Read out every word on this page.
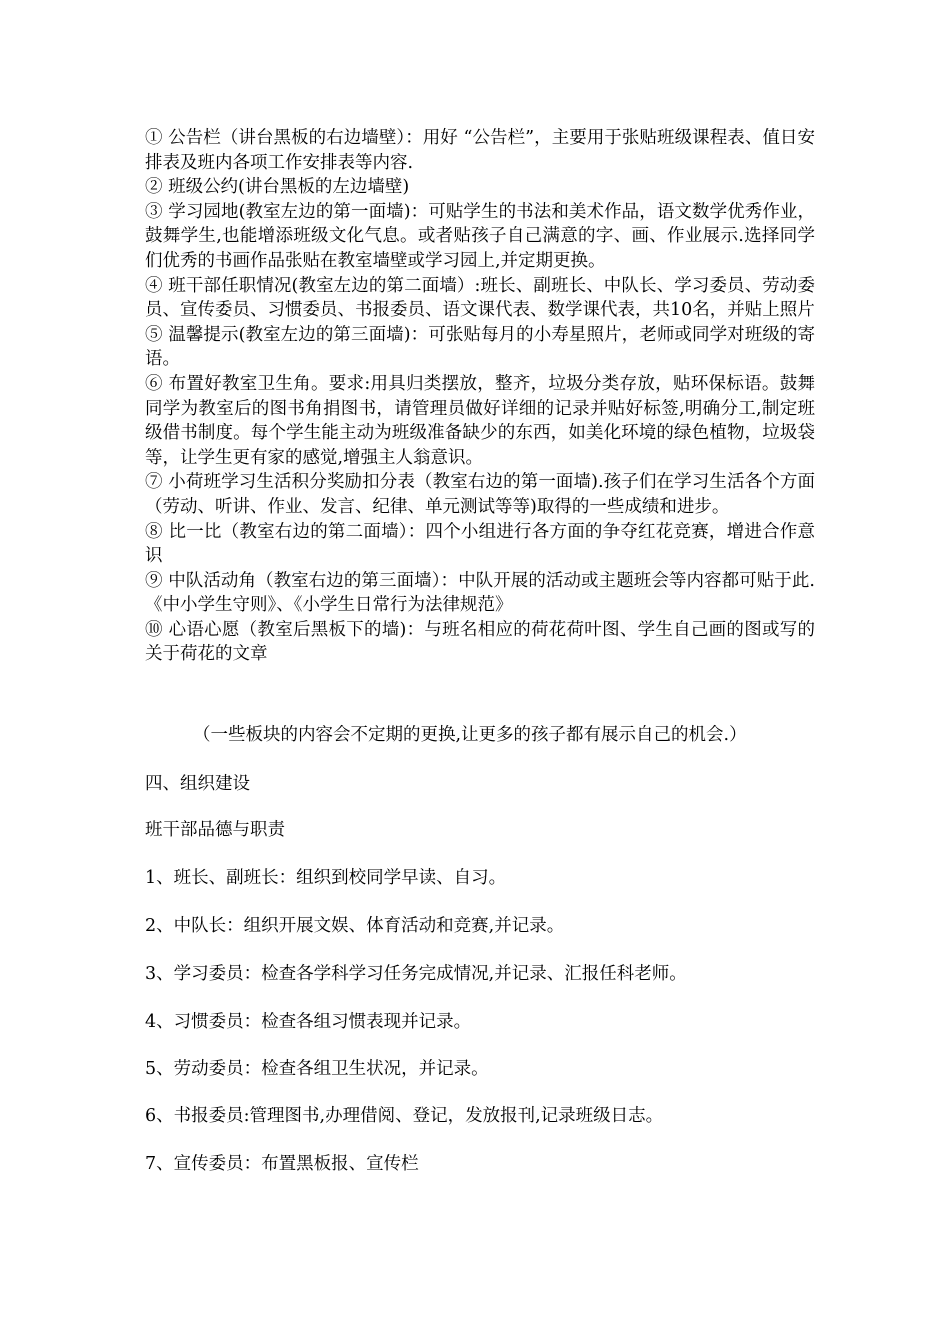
① 公告栏（讲台黑板的右边墙壁）：用好 “公告栏”，主要用于张贴班级课程表、值日安排表及班内各项工作安排表等内容.

② 班级公约(讲台黑板的左边墙壁)

③ 学习园地(教室左边的第一面墙)：可贴学生的书法和美术作品，语文数学优秀作业，鼓舞学生,也能增添班级文化气息。或者贴孩子自己满意的字、画、作业展示.选择同学们优秀的书画作品张贴在教室墙壁或学习园上,并定期更换。

④ 班干部任职情况(教室左边的第二面墙）:班长、副班长、中队长、学习委员、劳动委员、宣传委员、习惯委员、书报委员、语文课代表、数学课代表，共10名，并贴上照片

⑤ 温馨提示(教室左边的第三面墙)：可张贴每月的小寿星照片，老师或同学对班级的寄语。

⑥ 布置好教室卫生角。要求:用具归类摆放，整齐，垃圾分类存放，贴环保标语。鼓舞同学为教室后的图书角捐图书，请管理员做好详细的记录并贴好标签,明确分工,制定班级借书制度。每个学生能主动为班级准备缺少的东西，如美化环境的绿色植物，垃圾袋等，让学生更有家的感觉,增强主人翁意识。

⑦ 小荷班学习生活积分奖励扣分表（教室右边的第一面墙).孩子们在学习生活各个方面（劳动、听讲、作业、发言、纪律、单元测试等等)取得的一些成绩和进步。

⑧ 比一比（教室右边的第二面墙）：四个小组进行各方面的争夺红花竞赛，增进合作意识

⑨ 中队活动角（教室右边的第三面墙）：中队开展的活动或主题班会等内容都可贴于此.《中小学生守则》、《小学生日常行为法律规范》

⑩ 心语心愿（教室后黑板下的墙)：与班名相应的荷花荷叶图、学生自己画的图或写的关于荷花的文章

（一些板块的内容会不定期的更换,让更多的孩子都有展示自己的机会.）
四、组织建设
班干部品德与职责
1、班长、副班长：组织到校同学早读、自习。
2、中队长：组织开展文娱、体育活动和竞赛,并记录。
3、学习委员：检查各学科学习任务完成情况,并记录、汇报任科老师。
4、习惯委员：检查各组习惯表现并记录。
5、劳动委员：检查各组卫生状况，并记录。
6、书报委员:管理图书,办理借阅、登记，发放报刊,记录班级日志。
7、宣传委员：布置黑板报、宣传栏
